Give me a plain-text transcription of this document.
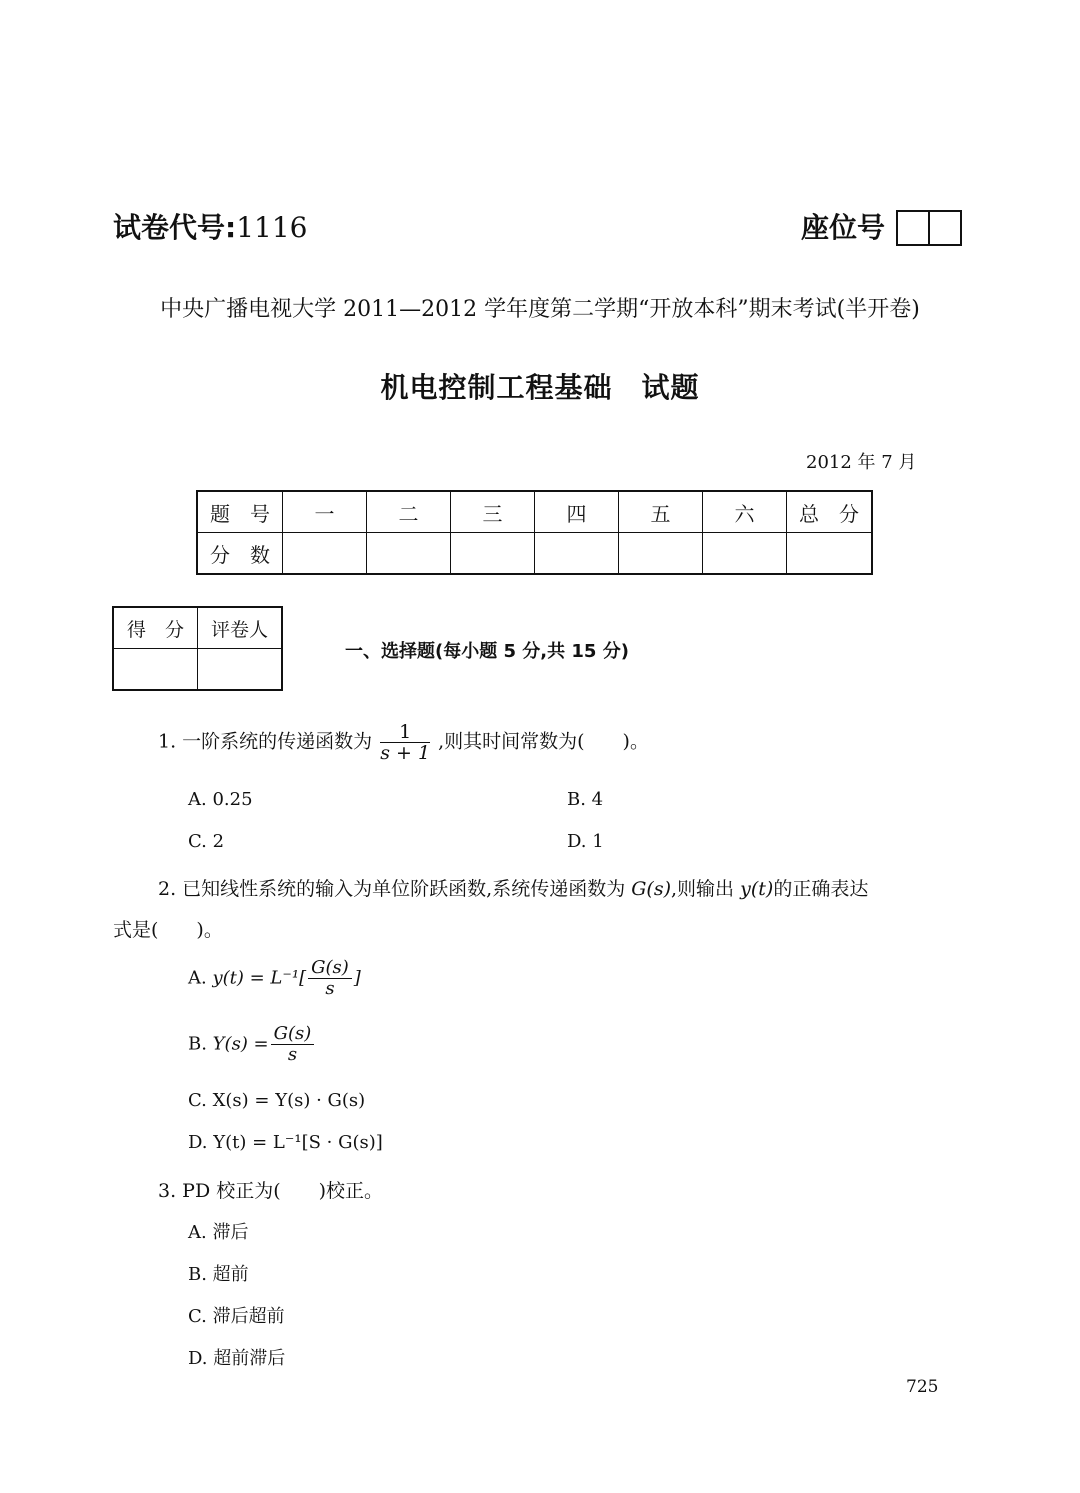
试卷代号:1116	座位号
中央广播电视大学 2011—2012 学年度第二学期“开放本科”期末考试(半开卷)
机电控制工程基础　试题
2012 年 7 月
题　号	一	二	三	四	五	六	总　分
分　数							
得　分	评卷人

一、选择题(每小题 5 分,共 15 分)
1. 一阶系统的传递函数为 $\frac{1}{s + 1}$ ,则其时间常数为(　　)。
A. 0.25	B. 4
C. 2	D. 1
2. 已知线性系统的输入为单位阶跃函数,系统传递函数为 G(s),则输出 y(t)的正确表达
式是(　　)。
A. $y(t) = L^{-1}[ \frac{G(s)}{s}$ ]
B. $Y(s) = \frac{G(s)}{s}$
C. X(s) = Y(s) · G(s)
D. Y(t) = L⁻¹[S · G(s)]
3. PD 校正为(　　)校正。
A. 滞后
B. 超前
C. 滞后超前
D. 超前滞后
725
